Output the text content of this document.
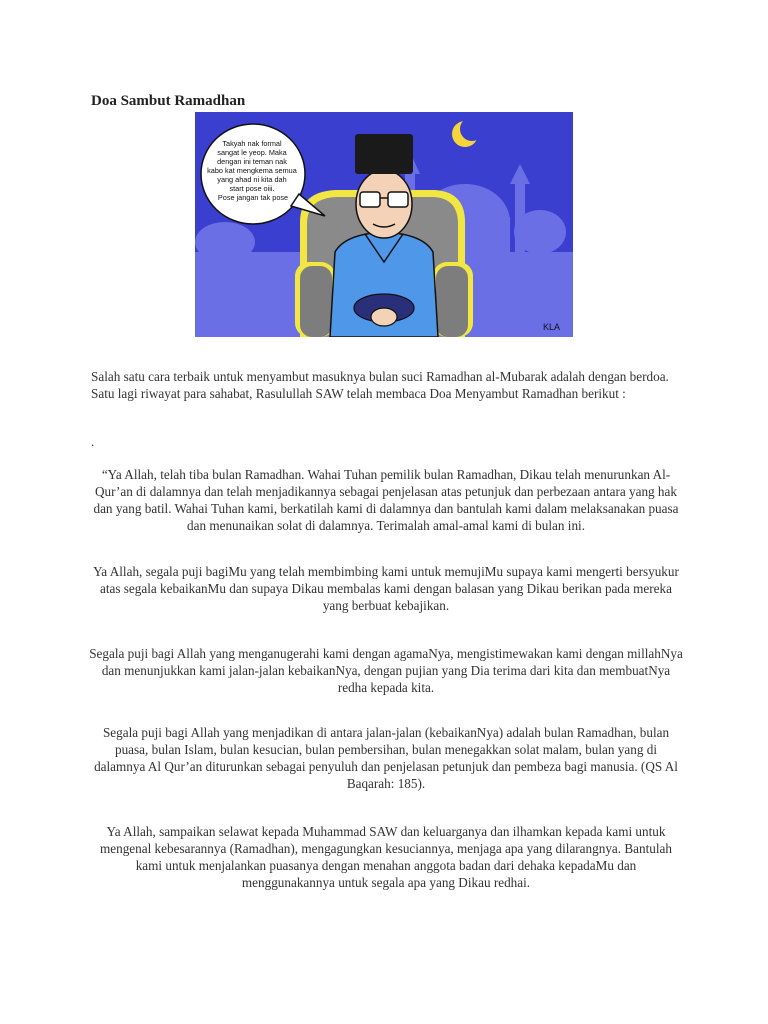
Doa Sambut Ramadhan
Takyah nak formal sangat le yeop. Maka dengan ini teman nak kabo kat mengkema semua yang ahad ni kita dah start pose oiii. Pose jangan tak pose
KLA

Salah satu cara terbaik untuk menyambut masuknya bulan suci Ramadhan al-Mubarak adalah dengan berdoa. Satu lagi riwayat para sahabat, Rasulullah SAW telah membaca Doa Menyambut Ramadhan berikut :

.

“Ya Allah, telah tiba bulan Ramadhan. Wahai Tuhan pemilik bulan Ramadhan, Dikau telah menurunkan Al-Qur’an di dalamnya dan telah menjadikannya sebagai penjelasan atas petunjuk dan perbezaan antara yang hak dan yang batil. Wahai Tuhan kami, berkatilah kami di dalamnya dan bantulah kami dalam melaksanakan puasa dan menunaikan solat di dalamnya. Terimalah amal-amal kami di bulan ini.

Ya Allah, segala puji bagiMu yang telah membimbing kami untuk memujiMu supaya kami mengerti bersyukur atas segala kebaikanMu dan supaya Dikau membalas kami dengan balasan yang Dikau berikan pada mereka yang berbuat kebajikan.

Segala puji bagi Allah yang menganugerahi kami dengan agamaNya, mengistimewakan kami dengan millahNya dan menunjukkan kami jalan-jalan kebaikanNya, dengan pujian yang Dia terima dari kita dan membuatNya redha kepada kita.

Segala puji bagi Allah yang menjadikan di antara jalan-jalan (kebaikanNya) adalah bulan Ramadhan, bulan puasa, bulan Islam, bulan kesucian, bulan pembersihan, bulan menegakkan solat malam, bulan yang di dalamnya Al Qur’an diturunkan sebagai penyuluh dan penjelasan petunjuk dan pembeza bagi manusia. (QS Al Baqarah: 185).

Ya Allah, sampaikan selawat kepada Muhammad SAW dan keluarganya dan ilhamkan kepada kami untuk mengenal kebesarannya (Ramadhan), mengagungkan kesuciannya, menjaga apa yang dilarangnya. Bantulah kami untuk menjalankan puasanya dengan menahan anggota badan dari dehaka kepadaMu dan menggunakannya untuk segala apa yang Dikau redhai.
